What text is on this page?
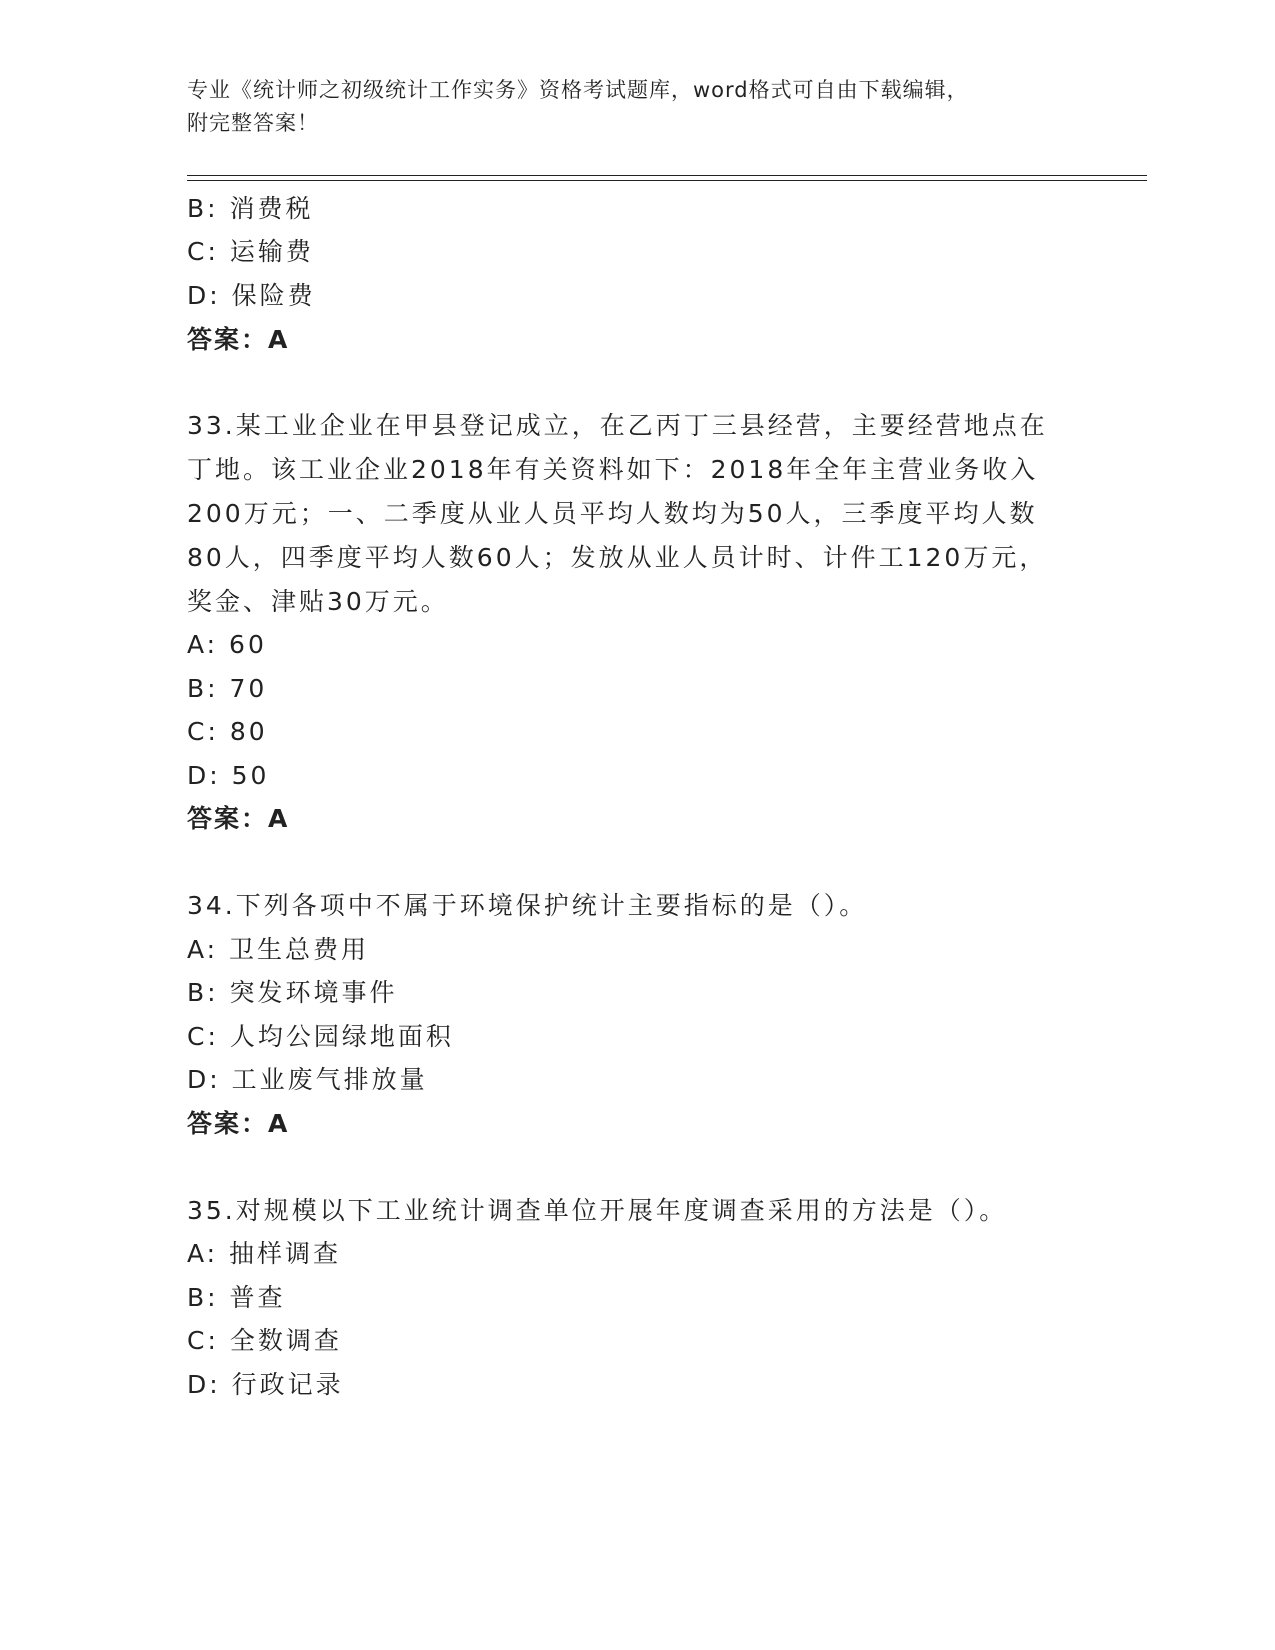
专业《统计师之初级统计工作实务》资格考试题库，word格式可自由下载编辑，
附完整答案！
B: 消费税
C: 运输费
D: 保险费
答案：A
33.某工业企业在甲县登记成立，在乙丙丁三县经营，主要经营地点在
丁地。该工业企业2018年有关资料如下：2018年全年主营业务收入
200万元；一、二季度从业人员平均人数均为50人，三季度平均人数
80人，四季度平均人数60人；发放从业人员计时、计件工120万元，
奖金、津贴30万元。
A: 60
B: 70
C: 80
D: 50
答案：A
34.下列各项中不属于环境保护统计主要指标的是（）。
A: 卫生总费用
B: 突发环境事件
C: 人均公园绿地面积
D: 工业废气排放量
答案：A
35.对规模以下工业统计调查单位开展年度调查采用的方法是（）。
A: 抽样调查
B: 普查
C: 全数调查
D: 行政记录
